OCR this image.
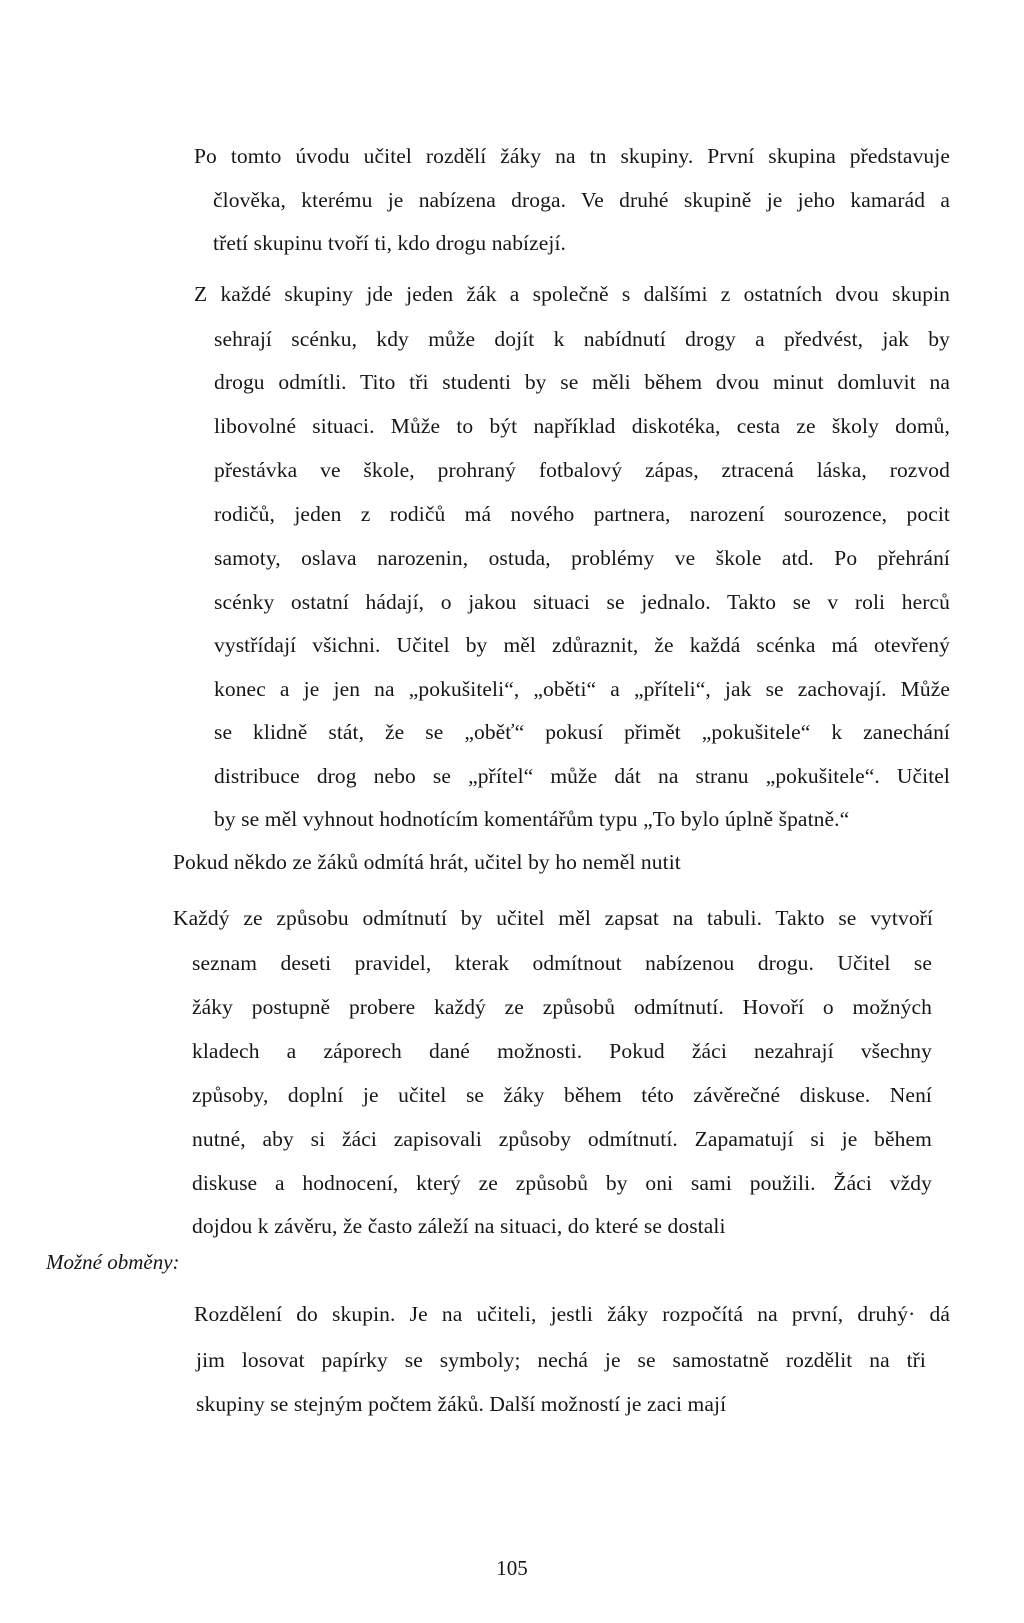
Po tomto úvodu učitel rozdělí žáky na tn skupiny. První skupina představuje
člověka, kterému je nabízena droga. Ve druhé skupině je jeho kamarád a
třetí skupinu tvoří ti, kdo drogu nabízejí.
Z každé skupiny jde jeden žák a společně s dalšími z ostatních dvou skupin
sehrají scénku, kdy může dojít k nabídnutí drogy a předvést, jak by
drogu odmítli. Tito tři studenti by se měli během dvou minut domluvit na
libovolné situaci. Může to být například diskotéka, cesta ze školy domů,
přestávka ve škole, prohraný fotbalový zápas, ztracená láska, rozvod
rodičů, jeden z rodičů má nového partnera, narození sourozence, pocit
samoty, oslava narozenin, ostuda, problémy ve škole atd. Po přehrání
scénky ostatní hádají, o jakou situaci se jednalo. Takto se v roli herců
vystřídají všichni. Učitel by měl zdůraznit, že každá scénka má otevřený
konec a je jen na „pokušiteli“, „oběti“ a „příteli“, jak se zachovají. Může
se klidně stát, že se „oběť“ pokusí přimět „pokušitele“ k zanechání
distribuce drog nebo se „přítel“ může dát na stranu „pokušitele“. Učitel
by se měl vyhnout hodnotícím komentářům typu „To bylo úplně špatně.“
Pokud někdo ze žáků odmítá hrát, učitel by ho neměl nutit
Každý ze způsobu odmítnutí by učitel měl zapsat na tabuli. Takto se vytvoří
seznam deseti pravidel, kterak odmítnout nabízenou drogu. Učitel se
žáky postupně probere každý ze způsobů odmítnutí. Hovoří o možných
kladech a záporech dané možnosti. Pokud žáci nezahrají všechny
způsoby, doplní je učitel se žáky během této závěrečné diskuse. Není
nutné, aby si žáci zapisovali způsoby odmítnutí. Zapamatují si je během
diskuse a hodnocení, který ze způsobů by oni sami použili. Žáci vždy
dojdou k závěru, že často záleží na situaci, do které se dostali
Možné obměny:
Rozdělení do skupin. Je na učiteli, jestli žáky rozpočítá na první, druhý· dá
jim losovat papírky se symboly; nechá je se samostatně rozdělit na tři
skupiny se stejným počtem žáků. Další možností je zaci mají
105
